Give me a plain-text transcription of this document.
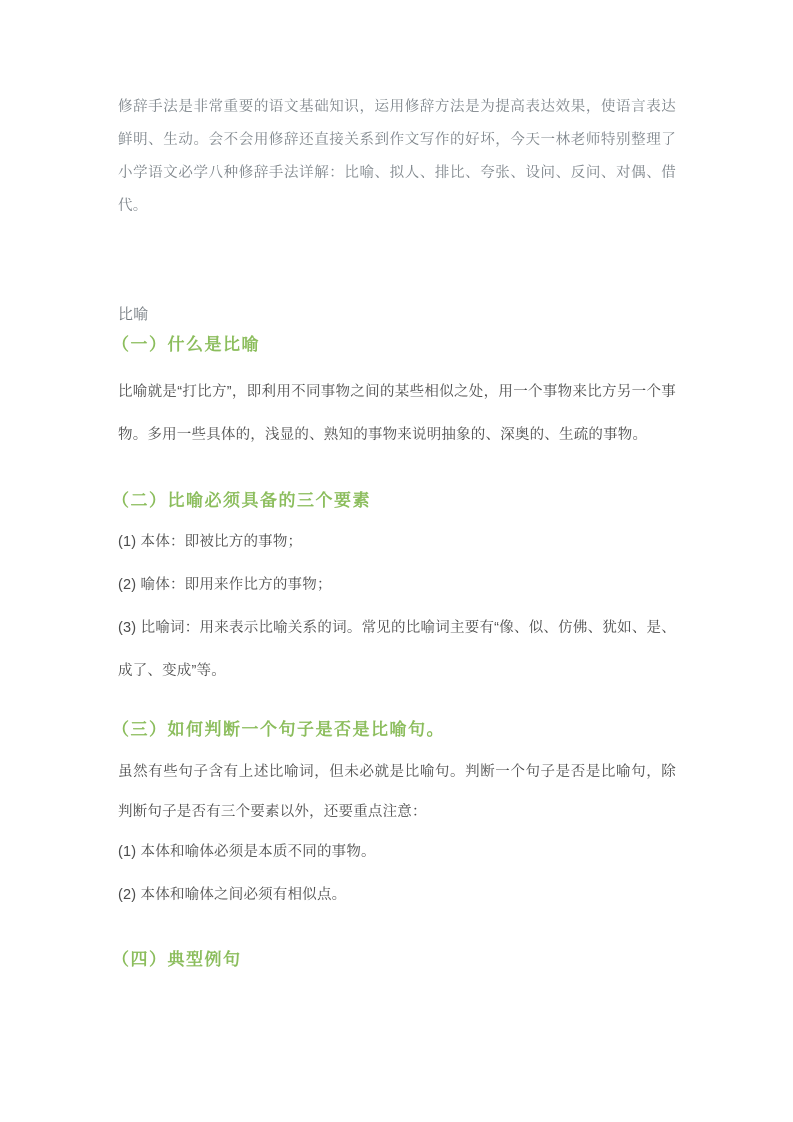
修辞手法是非常重要的语文基础知识，运用修辞方法是为提高表达效果，使语言表达鲜明、生动。会不会用修辞还直接关系到作文写作的好坏，今天一林老师特别整理了小学语文必学八种修辞手法详解：比喻、拟人、排比、夸张、设问、反问、对偶、借代。

比喻

（一）什么是比喻

比喻就是“打比方”，即利用不同事物之间的某些相似之处，用一个事物来比方另一个事物。多用一些具体的，浅显的、熟知的事物来说明抽象的、深奥的、生疏的事物。

（二）比喻必须具备的三个要素

(1) 本体：即被比方的事物；

(2) 喻体：即用来作比方的事物；

(3) 比喻词：用来表示比喻关系的词。常见的比喻词主要有“像、似、仿佛、犹如、是、成了、变成”等。

（三）如何判断一个句子是否是比喻句。

虽然有些句子含有上述比喻词，但未必就是比喻句。判断一个句子是否是比喻句，除判断句子是否有三个要素以外，还要重点注意：

(1) 本体和喻体必须是本质不同的事物。

(2) 本体和喻体之间必须有相似点。

（四）典型例句
